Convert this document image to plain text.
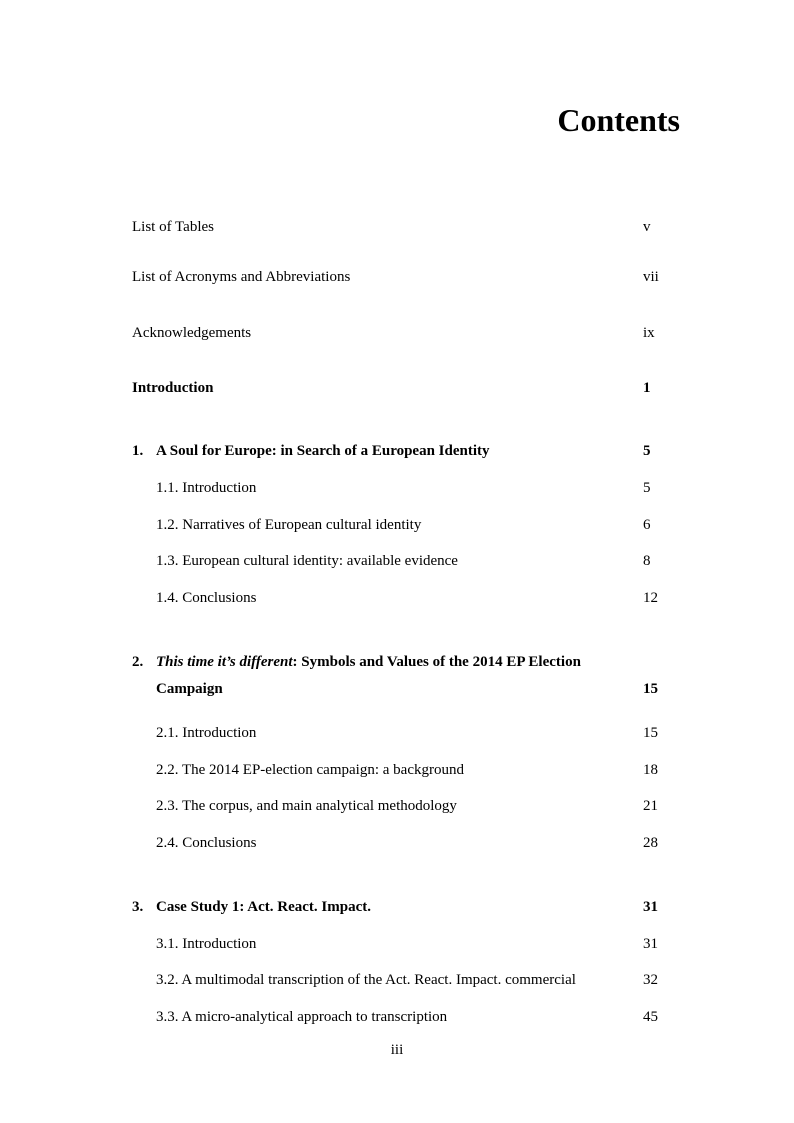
Contents
List of Tables	v
List of Acronyms and Abbreviations	vii
Acknowledgements	ix
Introduction	1
1. A Soul for Europe: in Search of a European Identity	5
1.1. Introduction	5
1.2. Narratives of European cultural identity	6
1.3. European cultural identity: available evidence	8
1.4. Conclusions	12
2. This time it’s different: Symbols and Values of the 2014 EP Election
Campaign	15
2.1. Introduction	15
2.2. The 2014 EP-election campaign: a background	18
2.3. The corpus, and main analytical methodology	21
2.4. Conclusions	28
3. Case Study 1: Act. React. Impact.	31
3.1. Introduction	31
3.2. A multimodal transcription of the Act. React. Impact. commercial	32
3.3. A micro-analytical approach to transcription	45
iii
